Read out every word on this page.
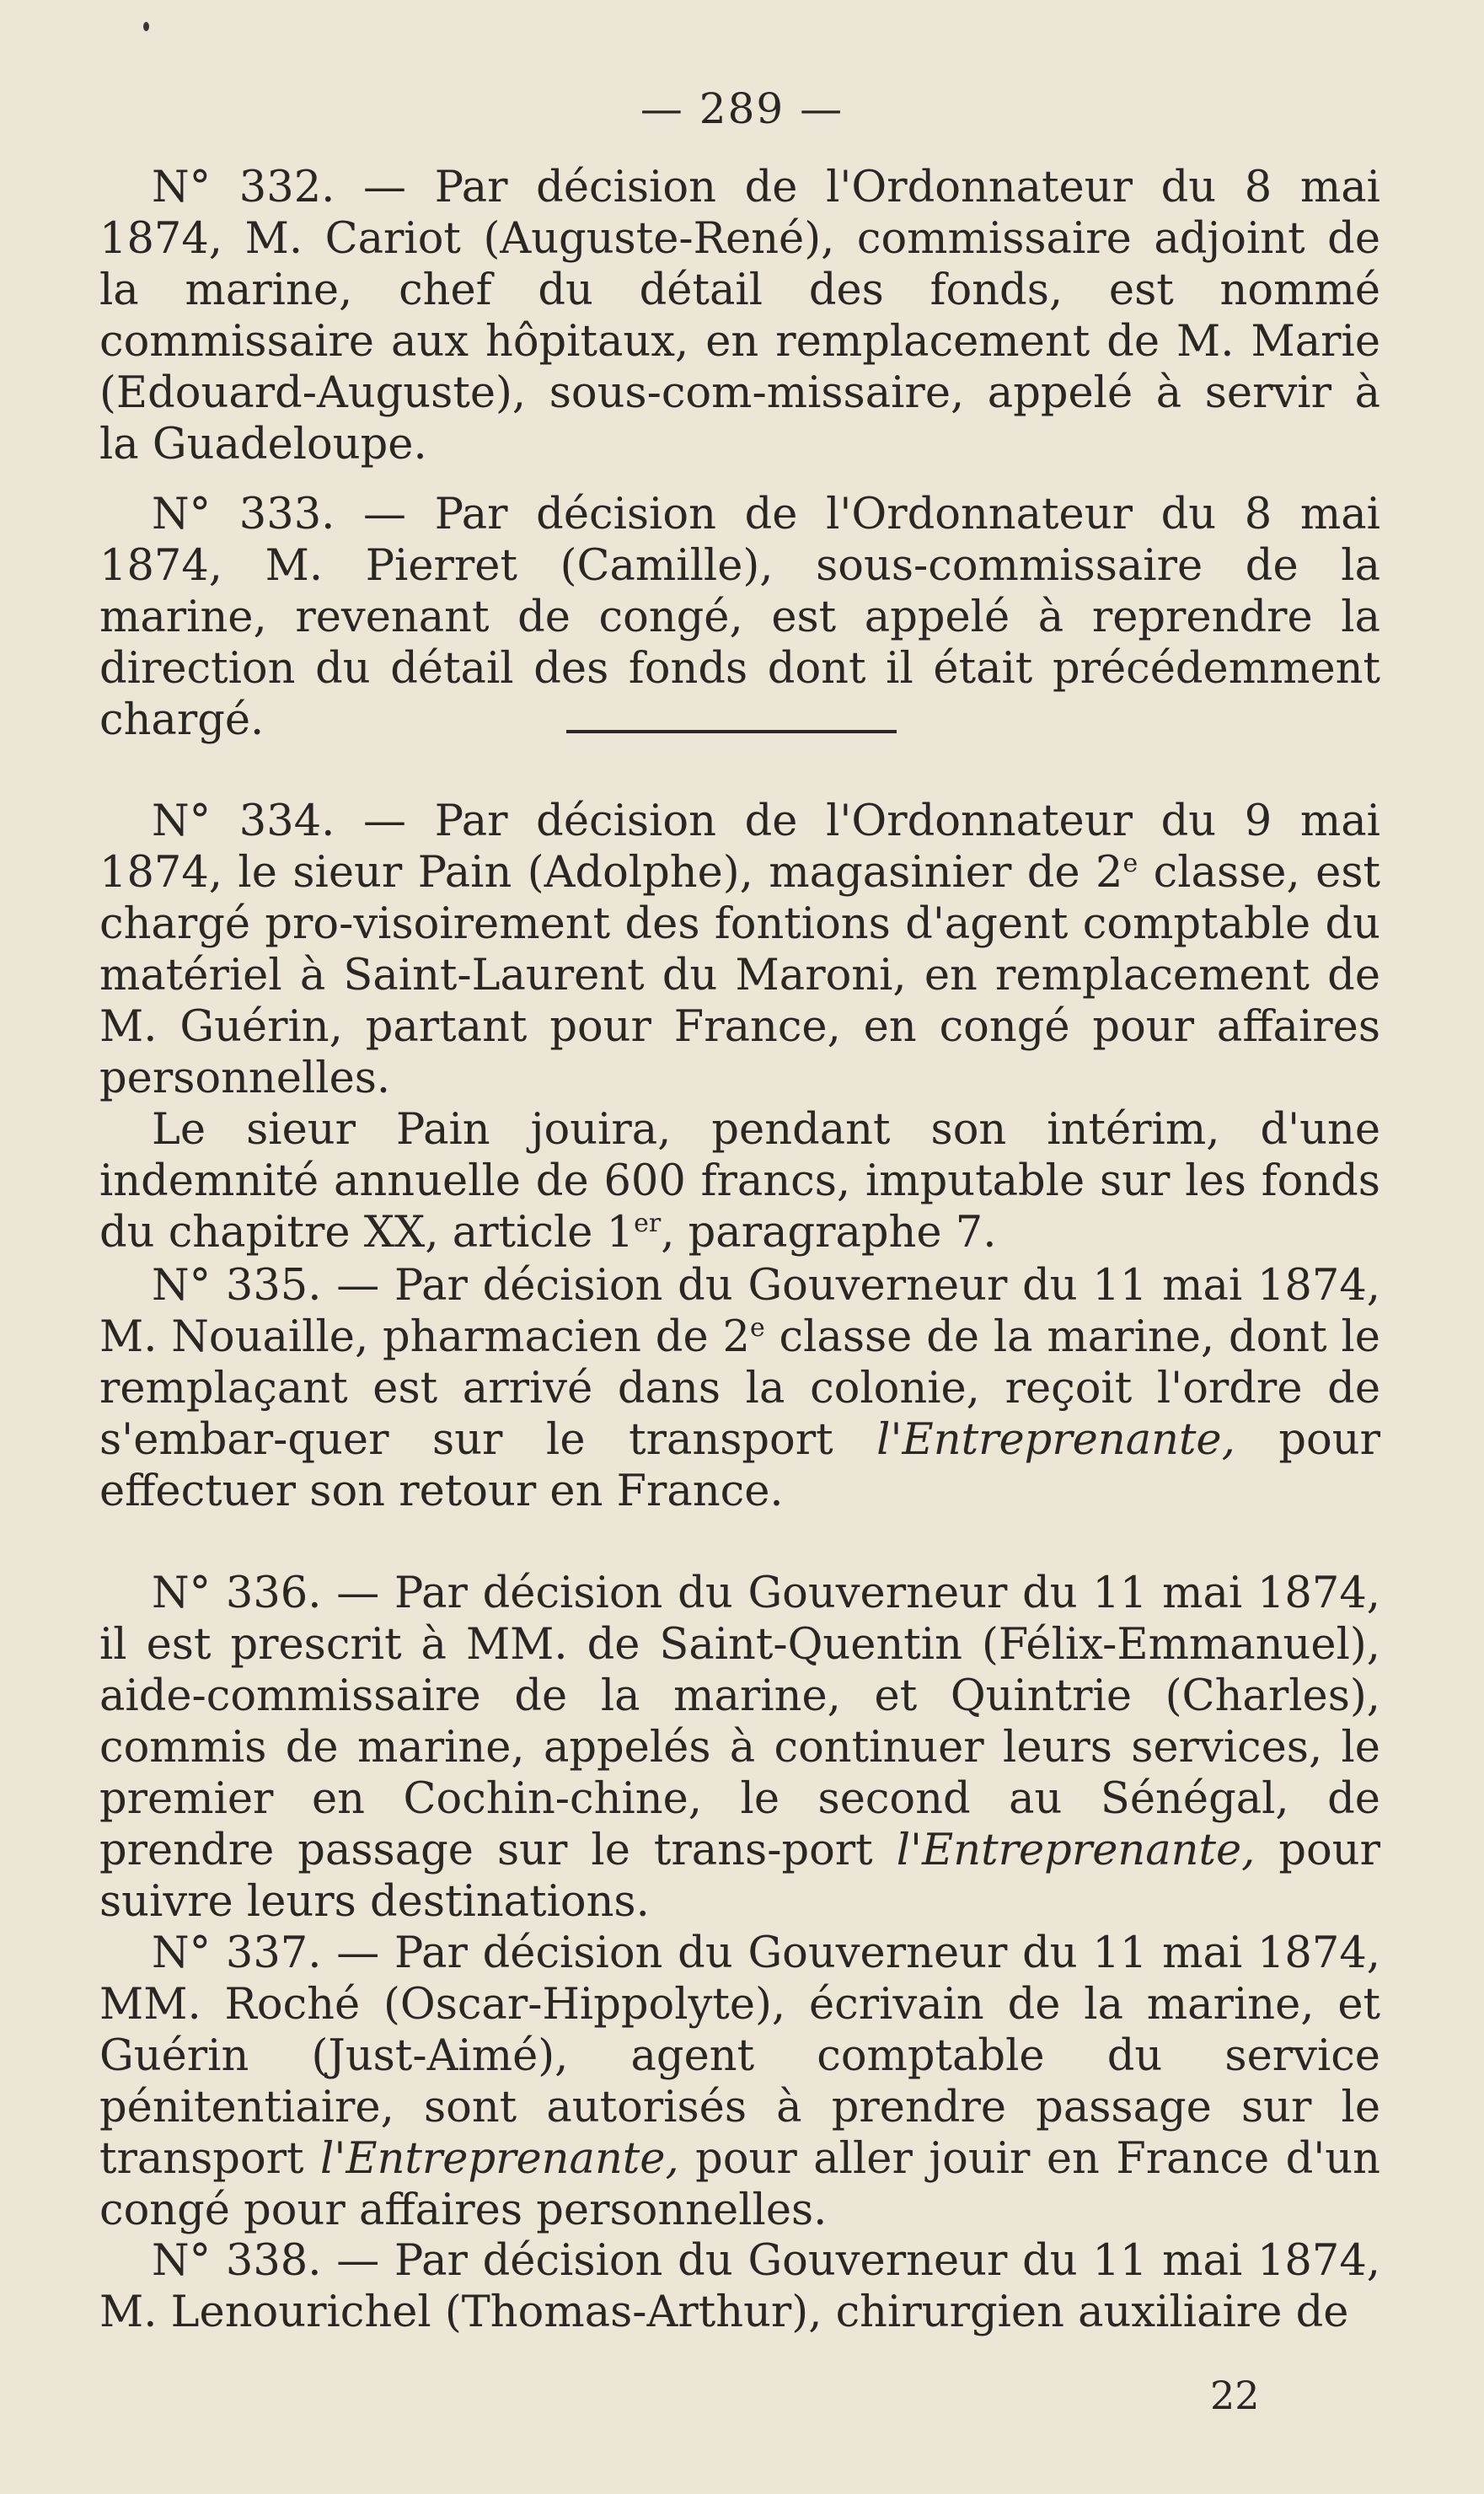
— 289 —

N° 332. — Par décision de l'Ordonnateur du 8 mai 1874, M. Cariot (Auguste-René), commissaire adjoint de la marine, chef du détail des fonds, est nommé commissaire aux hôpitaux, en remplacement de M. Marie (Edouard-Auguste), sous-com-missaire, appelé à servir à la Guadeloupe.

N° 333. — Par décision de l'Ordonnateur du 8 mai 1874, M. Pierret (Camille), sous-commissaire de la marine, revenant de congé, est appelé à reprendre la direction du détail des fonds dont il était précédemment chargé.

N° 334. — Par décision de l'Ordonnateur du 9 mai 1874, le sieur Pain (Adolphe), magasinier de 2e classe, est chargé pro-visoirement des fontions d'agent comptable du matériel à Saint-Laurent du Maroni, en remplacement de M. Guérin, partant pour France, en congé pour affaires personnelles.

Le sieur Pain jouira, pendant son intérim, d'une indemnité annuelle de 600 francs, imputable sur les fonds du chapitre XX, article 1er, paragraphe 7.

N° 335. — Par décision du Gouverneur du 11 mai 1874, M. Nouaille, pharmacien de 2e classe de la marine, dont le remplaçant est arrivé dans la colonie, reçoit l'ordre de s'embar-quer sur le transport l'Entreprenante, pour effectuer son retour en France.

N° 336. — Par décision du Gouverneur du 11 mai 1874, il est prescrit à MM. de Saint-Quentin (Félix-Emmanuel), aide-commissaire de la marine, et Quintrie (Charles), commis de marine, appelés à continuer leurs services, le premier en Cochin-chine, le second au Sénégal, de prendre passage sur le trans-port l'Entreprenante, pour suivre leurs destinations.

N° 337. — Par décision du Gouverneur du 11 mai 1874, MM. Roché (Oscar-Hippolyte), écrivain de la marine, et Guérin (Just-Aimé), agent comptable du service pénitentiaire, sont autorisés à prendre passage sur le transport l'Entreprenante, pour aller jouir en France d'un congé pour affaires personnelles.

N° 338. — Par décision du Gouverneur du 11 mai 1874, M. Lenourichel (Thomas-Arthur), chirurgien auxiliaire de

22
